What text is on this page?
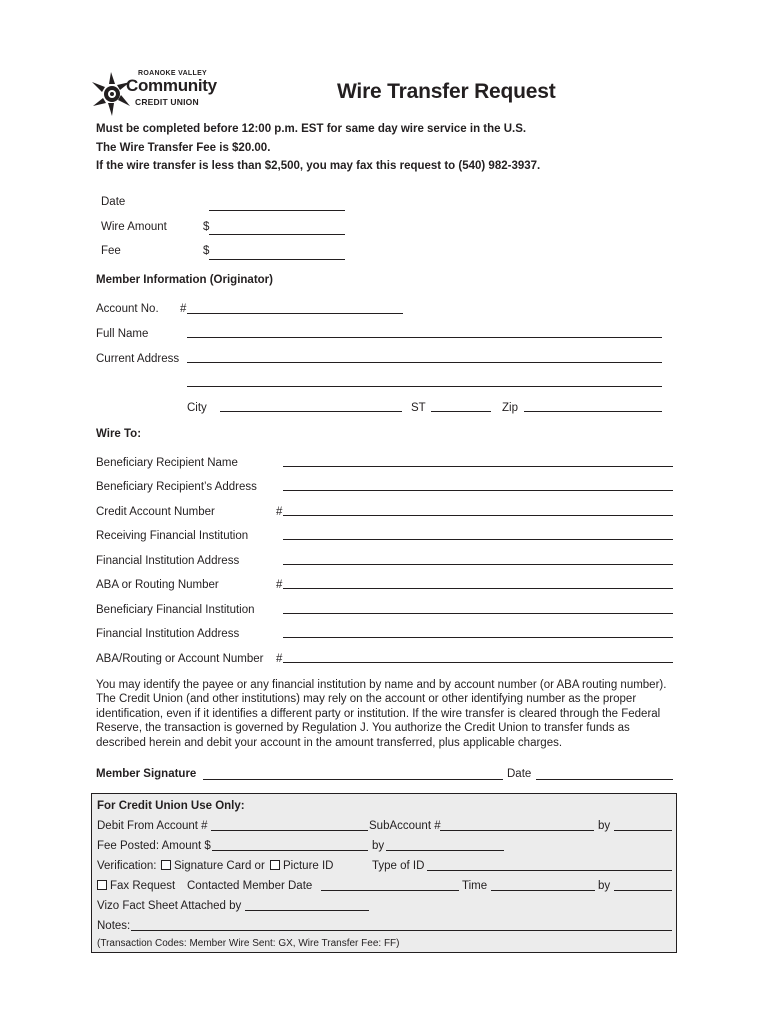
ROANOKE VALLEY
Community
CREDIT UNION	Wire Transfer Request
Must be completed before 12:00 p.m. EST for same day wire service in the U.S.
The Wire Transfer Fee is $20.00.
If the wire transfer is less than $2,500, you may fax this request to (540) 982-3937.
Date
Wire Amount	$
Fee	$
Member Information (Originator)
Account No. #
Full Name
Current Address
City	ST	Zip
Wire To:
Beneficiary Recipient Name
Beneficiary Recipient’s Address
Credit Account Number	#
Receiving Financial Institution
Financial Institution Address
ABA or Routing Number	#
Beneficiary Financial Institution
Financial Institution Address
ABA/Routing or Account Number #
You may identify the payee or any financial institution by name and by account number (or ABA routing number). The Credit Union (and other institutions) may rely on the account or other identifying number as the proper identification, even if it identifies a different party or institution. If the wire transfer is cleared through the Federal Reserve, the transaction is governed by Regulation J. You authorize the Credit Union to transfer funds as described herein and debit your account in the amount transferred, plus applicable charges.
Member Signature	Date
For Credit Union Use Only:
Debit From Account #	SubAccount #	by
Fee Posted: Amount $	by
Verification:	Signature Card or	Picture ID	Type of ID
Fax Request Contacted Member Date	Time	by
Vizo Fact Sheet Attached by
Notes:
(Transaction Codes: Member Wire Sent: GX, Wire Transfer Fee: FF)
